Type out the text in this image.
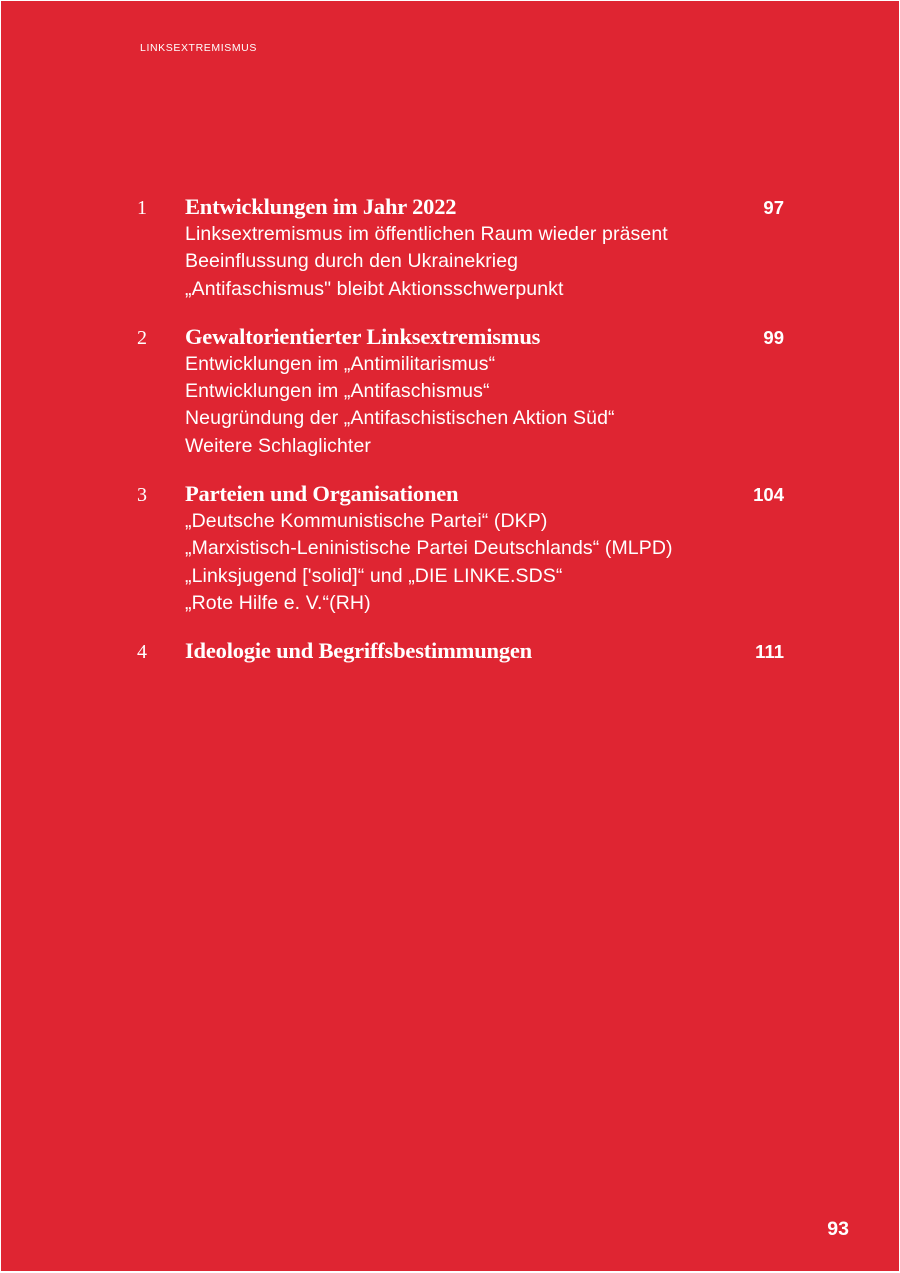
LINKSEXTREMISMUS
1 Entwicklungen im Jahr 2022	97
Linksextremismus im öffentlichen Raum wieder präsent
Beeinflussung durch den Ukrainekrieg
„Antifaschismus" bleibt Aktionsschwerpunkt
2 Gewaltorientierter Linksextremismus	99
Entwicklungen im „Antimilitarismus“
Entwicklungen im „Antifaschismus“
Neugründung der „Antifaschistischen Aktion Süd“
Weitere Schlaglichter
3 Parteien und Organisationen	104
„Deutsche Kommunistische Partei“ (DKP)
„Marxistisch-Leninistische Partei Deutschlands“ (MLPD)
„Linksjugend ['solid]“ und „DIE LINKE.SDS“
„Rote Hilfe e. V.“(RH)
4 Ideologie und Begriffsbestimmungen	111
93
